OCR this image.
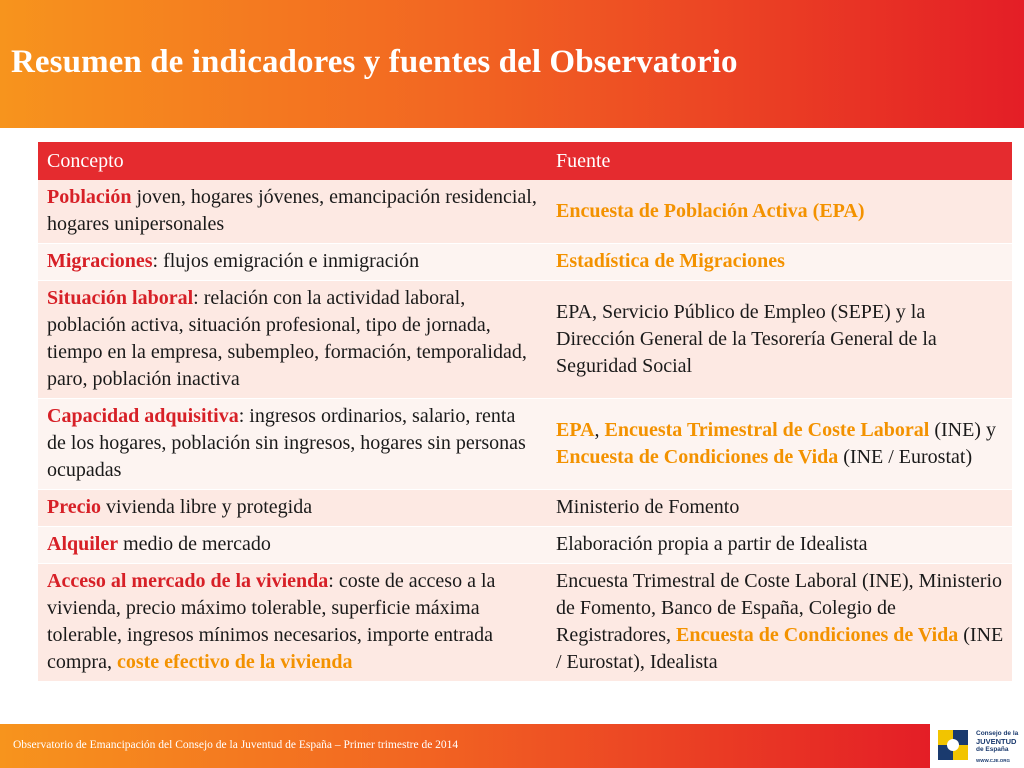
Resumen de indicadores y fuentes del Observatorio
Concepto	Fuente
Población joven, hogares jóvenes, emancipación residencial, hogares unipersonales	Encuesta de Población Activa (EPA)
Migraciones: flujos emigración e inmigración	Estadística de Migraciones
Situación laboral: relación con la actividad laboral, población activa, situación profesional, tipo de jornada, tiempo en la empresa, subempleo, formación, temporalidad, paro, población inactiva	EPA, Servicio Público de Empleo (SEPE) y la Dirección General de la Tesorería General de la Seguridad Social
Capacidad adquisitiva: ingresos ordinarios, salario, renta de los hogares, población sin ingresos, hogares sin personas ocupadas	EPA, Encuesta Trimestral de Coste Laboral (INE) y Encuesta de Condiciones de Vida (INE / Eurostat)
Precio vivienda libre y protegida	Ministerio de Fomento
Alquiler medio de mercado	Elaboración propia a partir de Idealista
Acceso al mercado de la vivienda: coste de acceso a la vivienda, precio máximo tolerable, superficie máxima tolerable, ingresos mínimos necesarios, importe entrada compra, coste efectivo de la vivienda	Encuesta Trimestral de Coste Laboral (INE), Ministerio de Fomento, Banco de España, Colegio de Registradores, Encuesta de Condiciones de Vida (INE / Eurostat), Idealista
Observatorio de Emancipación del Consejo de la Juventud de España – Primer trimestre de 2014
Consejo de la
JUVENTUD
de España
WWW.CJE.ORG
